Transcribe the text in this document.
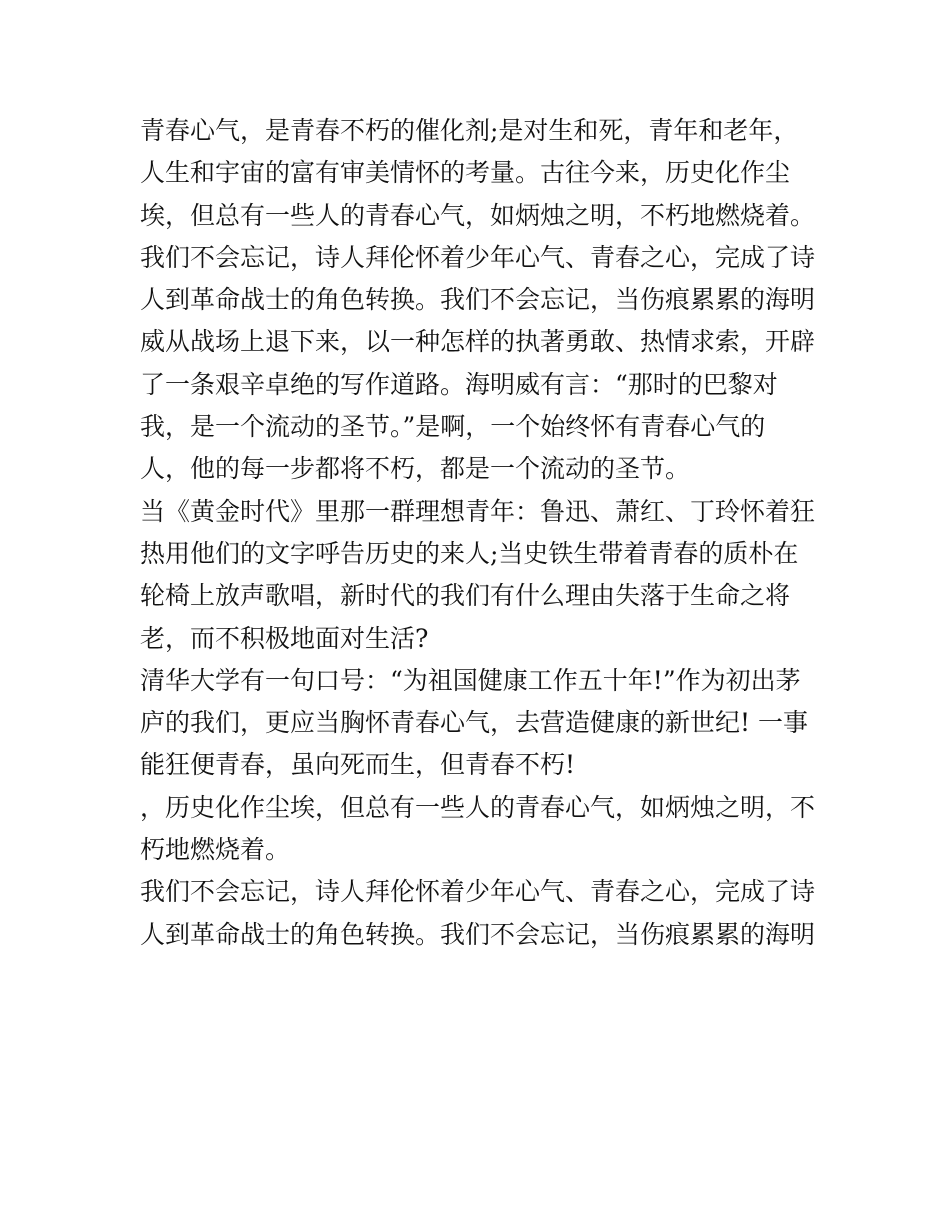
青春心气，是青春不朽的催化剂;是对生和死，青年和老年，
人生和宇宙的富有审美情怀的考量。古往今来，历史化作尘
埃，但总有一些人的青春心气，如炳烛之明，不朽地燃烧着。
我们不会忘记，诗人拜伦怀着少年心气、青春之心，完成了诗
人到革命战士的角色转换。我们不会忘记，当伤痕累累的海明
威从战场上退下来，以一种怎样的执著勇敢、热情求索，开辟
了一条艰辛卓绝的写作道路。海明威有言：“那时的巴黎对
我，是一个流动的圣节。”是啊，一个始终怀有青春心气的
人，他的每一步都将不朽，都是一个流动的圣节。
当《黄金时代》里那一群理想青年：鲁迅、萧红、丁玲怀着狂
热用他们的文字呼告历史的来人;当史铁生带着青春的质朴在
轮椅上放声歌唱，新时代的我们有什么理由失落于生命之将
老，而不积极地面对生活?
清华大学有一句口号：“为祖国健康工作五十年!”作为初出茅
庐的我们，更应当胸怀青春心气，去营造健康的新世纪! 一事
能狂便青春，虽向死而生，但青春不朽!
，历史化作尘埃，但总有一些人的青春心气，如炳烛之明，不
朽地燃烧着。
我们不会忘记，诗人拜伦怀着少年心气、青春之心，完成了诗
人到革命战士的角色转换。我们不会忘记，当伤痕累累的海明
